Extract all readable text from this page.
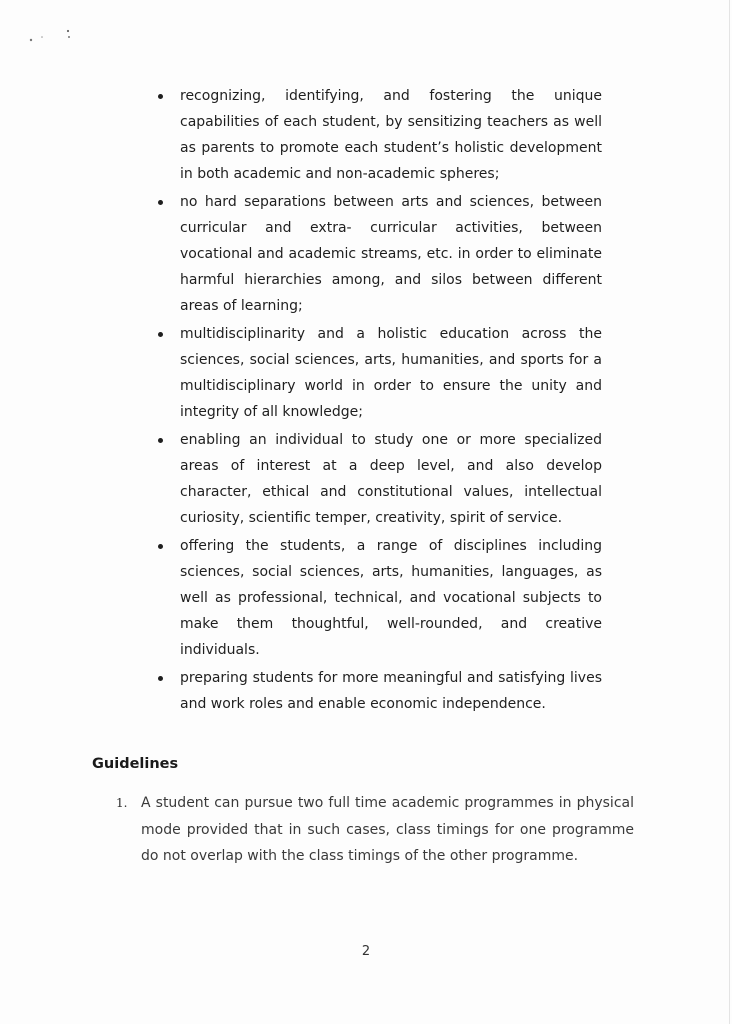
recognizing, identifying, and fostering the unique capabilities of each student, by sensitizing teachers as well as parents to promote each student’s holistic development in both academic and non-academic spheres;
no hard separations between arts and sciences, between curricular and extra- curricular activities, between vocational and academic streams, etc. in order to eliminate harmful hierarchies among, and silos between different areas of learning;
multidisciplinarity and a holistic education across the sciences, social sciences, arts, humanities, and sports for a multidisciplinary world in order to ensure the unity and integrity of all knowledge;
enabling an individual to study one or more specialized areas of interest at a deep level, and also develop character, ethical and constitutional values, intellectual curiosity, scientific temper, creativity, spirit of service.
offering the students, a range of disciplines including sciences, social sciences, arts, humanities, languages, as well as professional, technical, and vocational subjects to make them thoughtful, well-rounded, and creative individuals.
preparing students for more meaningful and satisfying lives and work roles and enable economic independence.
Guidelines
1. A student can pursue two full time academic programmes in physical mode provided that in such cases, class timings for one programme do not overlap with the class timings of the other programme.
2
